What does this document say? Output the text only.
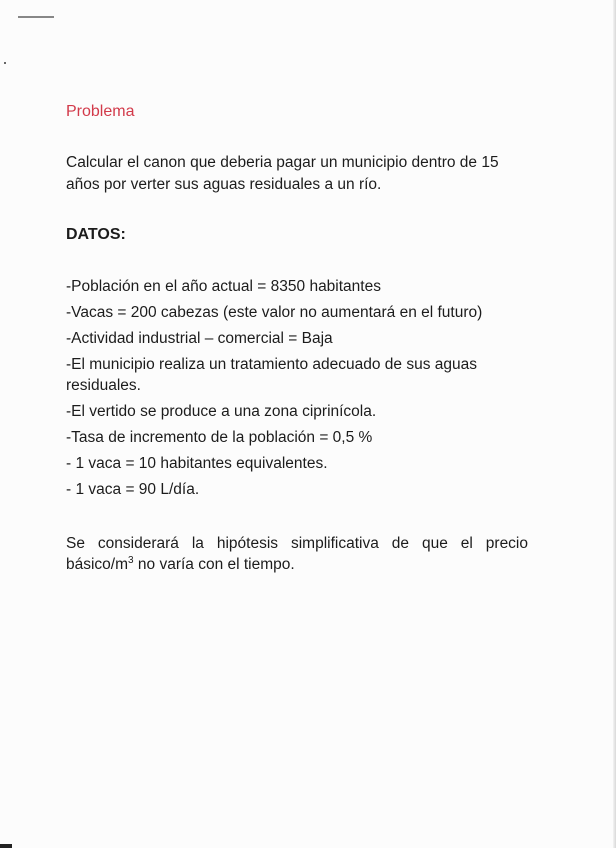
Problema

Calcular el canon que deberia pagar un municipio dentro de 15 años por verter sus aguas residuales a un río.

DATOS:
-Población en el año actual = 8350 habitantes
-Vacas = 200 cabezas (este valor no aumentará en el futuro)
-Actividad industrial – comercial = Baja
-El municipio realiza un tratamiento adecuado de sus aguas residuales.
-El vertido se produce a una zona ciprinícola.
-Tasa de incremento de la población = 0,5 %
- 1 vaca = 10 habitantes equivalentes.
- 1 vaca = 90 L/día.

Se considerará la hipótesis simplificativa de que el precio básico/$m^3$ no varía con el tiempo.
